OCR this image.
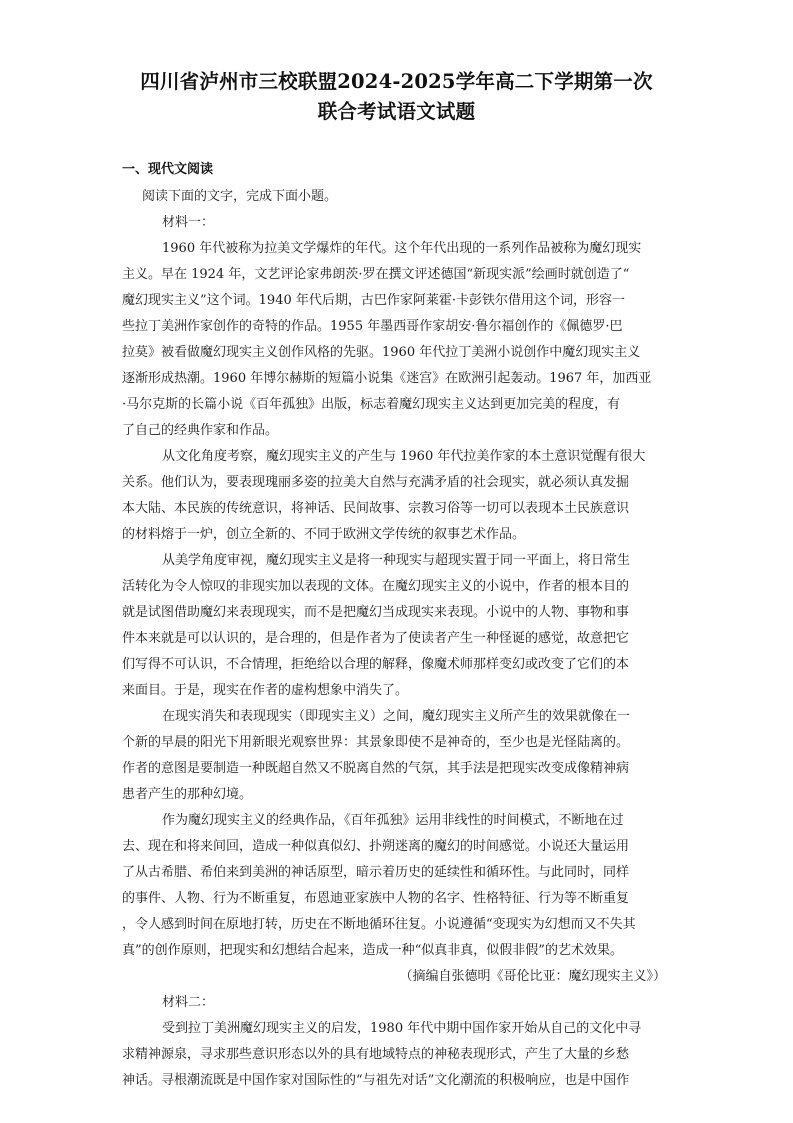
四川省泸州市三校联盟2024-2025学年高二下学期第一次
联合考试语文试题
一、现代文阅读
阅读下面的文字，完成下面小题。
材料一：
1960 年代被称为拉美文学爆炸的年代。这个年代出现的一系列作品被称为魔幻现实
主义。早在 1924 年，文艺评论家弗朗茨·罗在撰文评述德国“新现实派”绘画时就创造了“
魔幻现实主义”这个词。1940 年代后期，古巴作家阿莱霍·卡彭铁尔借用这个词，形容一
些拉丁美洲作家创作的奇特的作品。1955 年墨西哥作家胡安·鲁尔福创作的《佩德罗·巴
拉莫》被看做魔幻现实主义创作风格的先驱。1960 年代拉丁美洲小说创作中魔幻现实主义
逐渐形成热潮。1960 年博尔赫斯的短篇小说集《迷宫》在欧洲引起轰动。1967 年，加西亚
·马尔克斯的长篇小说《百年孤独》出版，标志着魔幻现实主义达到更加完美的程度，有
了自己的经典作家和作品。
从文化角度考察，魔幻现实主义的产生与 1960 年代拉美作家的本土意识觉醒有很大
关系。他们认为，要表现瑰丽多姿的拉美大自然与充满矛盾的社会现实，就必须认真发掘
本大陆、本民族的传统意识，将神话、民间故事、宗教习俗等一切可以表现本土民族意识
的材料熔于一炉，创立全新的、不同于欧洲文学传统的叙事艺术作品。
从美学角度审视，魔幻现实主义是将一种现实与超现实置于同一平面上，将日常生
活转化为令人惊叹的非现实加以表现的文体。在魔幻现实主义的小说中，作者的根本目的
就是试图借助魔幻来表现现实，而不是把魔幻当成现实来表现。小说中的人物、事物和事
件本来就是可以认识的，是合理的，但是作者为了使读者产生一种怪诞的感觉，故意把它
们写得不可认识，不合情理，拒绝给以合理的解释，像魔术师那样变幻或改变了它们的本
来面目。于是，现实在作者的虚构想象中消失了。
在现实消失和表现现实（即现实主义）之间，魔幻现实主义所产生的效果就像在一
个新的早晨的阳光下用新眼光观察世界：其景象即使不是神奇的，至少也是光怪陆离的。
作者的意图是要制造一种既超自然又不脱离自然的气氛，其手法是把现实改变成像精神病
患者产生的那种幻境。
作为魔幻现实主义的经典作品，《百年孤独》运用非线性的时间模式，不断地在过
去、现在和将来间回，造成一种似真似幻、扑朔迷离的魔幻的时间感觉。小说还大量运用
了从古希腊、希伯来到美洲的神话原型，暗示着历史的延续性和循环性。与此同时，同样
的事件、人物、行为不断重复，布恩迪亚家族中人物的名字、性格特征、行为等不断重复
，令人感到时间在原地打转，历史在不断地循环往复。小说遵循“变现实为幻想而又不失其
真”的创作原则，把现实和幻想结合起来，造成一种“似真非真，似假非假”的艺术效果。
（摘编自张德明《哥伦比亚：魔幻现实主义》）
材料二：
受到拉丁美洲魔幻现实主义的启发，1980 年代中期中国作家开始从自己的文化中寻
求精神源泉，寻求那些意识形态以外的具有地域特点的神秘表现形式，产生了大量的乡愁
神话。寻根潮流既是中国作家对国际性的“与祖先对话”文化潮流的积极响应，也是中国作
